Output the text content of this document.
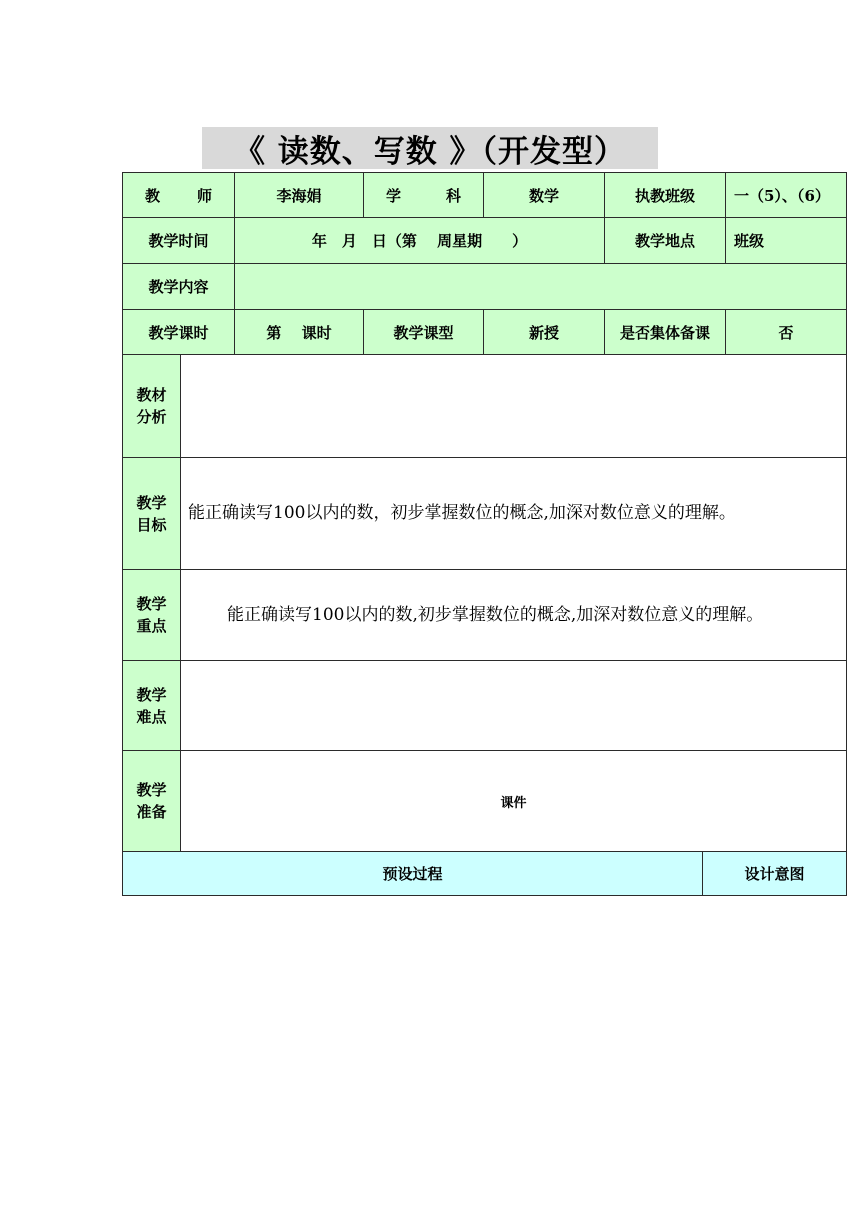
《 读数、写数 》（开发型）
教 师	李海娟	学 科	数学	执教班级	一（5）、（6）
教学时间	年　月　日（第　 周星期　　）			教学地点	班级
教学内容					
教学课时	第　 课时	教学课型	新授	是否集体备课	否
教材
分析	

教学
目标	能正确读写100以内的数，初步掌握数位的概念,加深对数位意义的理解。

教学
重点	能正确读写100以内的数,初步掌握数位的概念,加深对数位意义的理解。

教学
难点	

教学
准备	课件
预设过程	设计意图
